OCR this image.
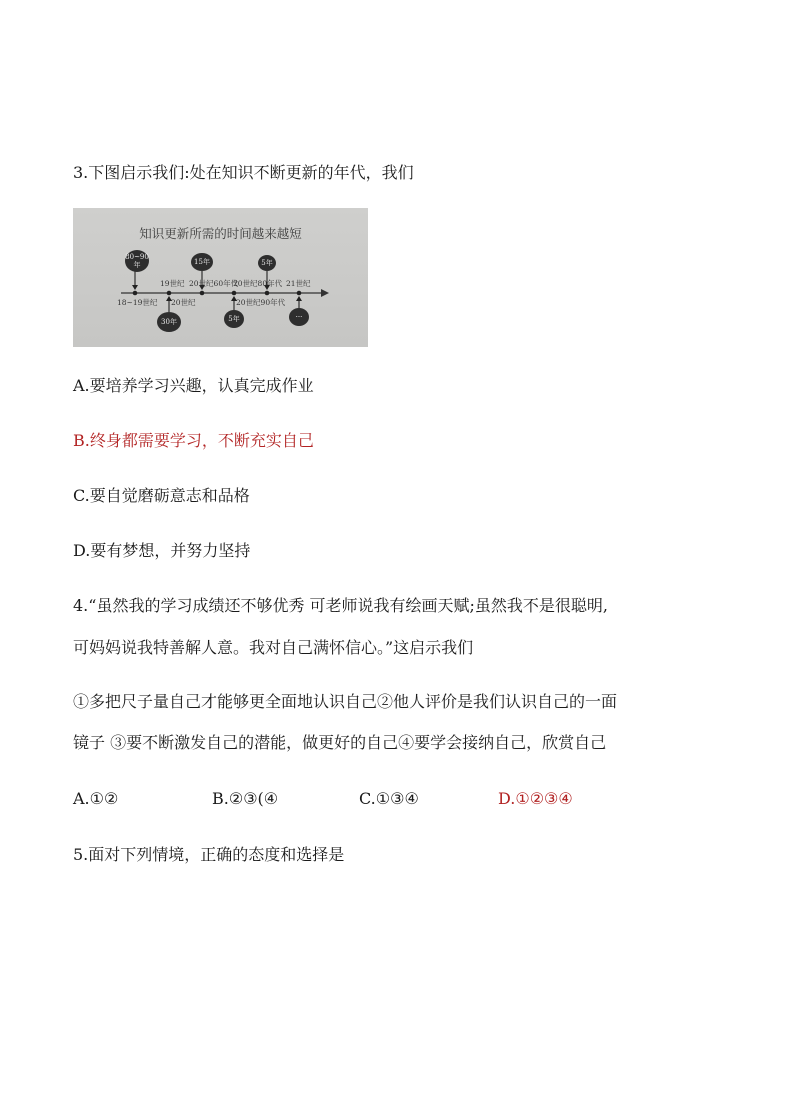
3.下图启示我们:处在知识不断更新的年代，我们
知识更新所需的时间越来越短
80~90年	15年	5年
19世纪 20世纪60年代	21世纪
18~19世纪 20世纪	20世纪90年代
30年	5年	···
20世纪80年代
A.要培养学习兴趣，认真完成作业
B.终身都需要学习，不断充实自己
C.要自觉磨砺意志和品格
D.要有梦想，并努力坚持
4.“虽然我的学习成绩还不够优秀 可老师说我有绘画天赋;虽然我不是很聪明,
可妈妈说我特善解人意。我对自己满怀信心。”这启示我们
①多把尺子量自己才能够更全面地认识自己②他人评价是我们认识自己的一面
镜子 ③要不断激发自己的潜能，做更好的自己④要学会接纳自己，欣赏自己
A.①②	B.②③(④	C.①③④	D.①②③④
5.面对下列情境，正确的态度和选择是
